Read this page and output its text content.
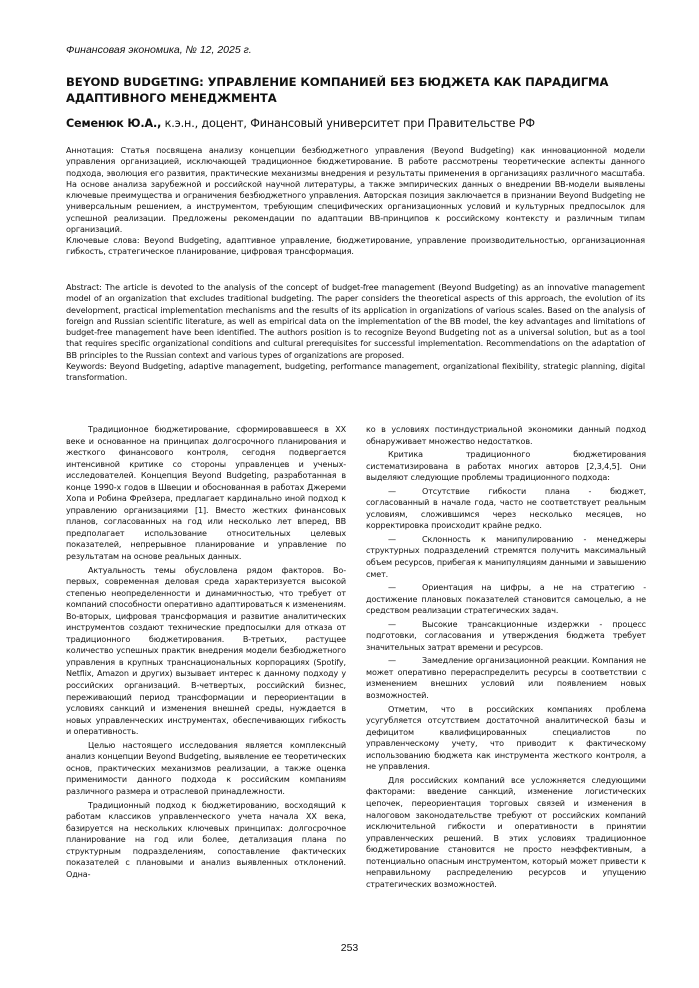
Финансовая экономика, № 12, 2025 г.
BEYOND BUDGETING: УПРАВЛЕНИЕ КОМПАНИЕЙ БЕЗ БЮДЖЕТА КАК ПАРАДИГМА АДАПТИВНОГО МЕНЕДЖМЕНТА
Семенюк Ю.А., к.э.н., доцент, Финансовый университет при Правительстве РФ

Аннотация: Статья посвящена анализу концепции безбюджетного управления (Beyond Budgeting) как инновационной модели управления организацией, исключающей традиционное бюджетирование. В работе рассмотрены теоретические аспекты данного подхода, эволюция его развития, практические механизмы внедрения и результаты применения в организациях различного масштаба. На основе анализа зарубежной и российской научной литературы, а также эмпирических данных о внедрении BB-модели выявлены ключевые преимущества и ограничения безбюджетного управления. Авторская позиция заключается в признании Beyond Budgeting не универсальным решением, а инструментом, требующим специфических организационных условий и культурных предпосылок для успешной реализации. Предложены рекомендации по адаптации BB-принципов к российскому контексту и различным типам организаций.

Ключевые слова: Beyond Budgeting, адаптивное управление, бюджетирование, управление производительностью, организационная гибкость, стратегическое планирование, цифровая трансформация.

Abstract: The article is devoted to the analysis of the concept of budget-free management (Beyond Budgeting) as an innovative management model of an organization that excludes traditional budgeting. The paper considers the theoretical aspects of this approach, the evolution of its development, practical implementation mechanisms and the results of its application in organizations of various scales. Based on the analysis of foreign and Russian scientific literature, as well as empirical data on the implementation of the BB model, the key advantages and limitations of budget-free management have been identified. The authors position is to recognize Beyond Budgeting not as a universal solution, but as a tool that requires specific organizational conditions and cultural prerequisites for successful implementation. Recommendations on the adaptation of BB principles to the Russian context and various types of organizations are proposed.

Keywords: Beyond Budgeting, adaptive management, budgeting, performance management, organizational flexibility, strategic planning, digital transformation.

Традиционное бюджетирование, сформировавшееся в XX веке и основанное на принципах долгосрочного планирования и жесткого финансового контроля, сегодня подвергается интенсивной критике со стороны управленцев и ученых-исследователей. Концепция Beyond Budgeting, разработанная в конце 1990-х годов в Швеции и обоснованная в работах Джереми Хопа и Робина Фрейзера, предлагает кардинально иной подход к управлению организациями [1]. Вместо жестких финансовых планов, согласованных на год или несколько лет вперед, BB предполагает использование относительных целевых показателей, непрерывное планирование и управление по результатам на основе реальных данных.

Актуальность темы обусловлена рядом факторов. Во-первых, современная деловая среда характеризуется высокой степенью неопределенности и динамичностью, что требует от компаний способности оперативно адаптироваться к изменениям. Во-вторых, цифровая трансформация и развитие аналитических инструментов создают технические предпосылки для отказа от традиционного бюджетирования. В-третьих, растущее количество успешных практик внедрения модели безбюджетного управления в крупных транснациональных корпорациях (Spotify, Netflix, Amazon и других) вызывает интерес к данному подходу у российских организаций. В-четвертых, российский бизнес, переживающий период трансформации и переориентации в условиях санкций и изменения внешней среды, нуждается в новых управленческих инструментах, обеспечивающих гибкость и оперативность.

Целью настоящего исследования является комплексный анализ концепции Beyond Budgeting, выявление ее теоретических основ, практических механизмов реализации, а также оценка применимости данного подхода к российским компаниям различного размера и отраслевой принадлежности.

Традиционный подход к бюджетированию, восходящий к работам классиков управленческого учета начала XX века, базируется на нескольких ключевых принципах: долгосрочное планирование на год или более, детализация плана по структурным подразделениям, сопоставление фактических показателей с плановыми и анализ выявленных отклонений. Одна-

ко в условиях постиндустриальной экономики данный подход обнаруживает множество недостатков.

Критика традиционного бюджетирования систематизирована в работах многих авторов [2,3,4,5]. Они выделяют следующие проблемы традиционного подхода:

—	Отсутствие гибкости плана - бюджет, согласованный в начале года, часто не соответствует реальным условиям, сложившимся через несколько месяцев, но корректировка происходит крайне редко.

—	Склонность к манипулированию - менеджеры структурных подразделений стремятся получить максимальный объем ресурсов, прибегая к манипуляциям данными и завышению смет.

—	Ориентация на цифры, а не на стратегию - достижение плановых показателей становится самоцелью, а не средством реализации стратегических задач.

—	Высокие трансакционные издержки - процесс подготовки, согласования и утверждения бюджета требует значительных затрат времени и ресурсов.

—	Замедление организационной реакции. Компания не может оперативно перераспределить ресурсы в соответствии с изменением внешних условий или появлением новых возможностей.

Отметим, что в российских компаниях проблема усугубляется отсутствием достаточной аналитической базы и дефицитом квалифицированных специалистов по управленческому учету, что приводит к фактическому использованию бюджета как инструмента жесткого контроля, а не управления.

Для российских компаний все усложняется следующими факторами: введение санкций, изменение логистических цепочек, переориентация торговых связей и изменения в налоговом законодательстве требуют от российских компаний исключительной гибкости и оперативности в принятии управленческих решений. В этих условиях традиционное бюджетирование становится не просто неэффективным, а потенциально опасным инструментом, который может привести к неправильному распределению ресурсов и упущению стратегических возможностей.

253
